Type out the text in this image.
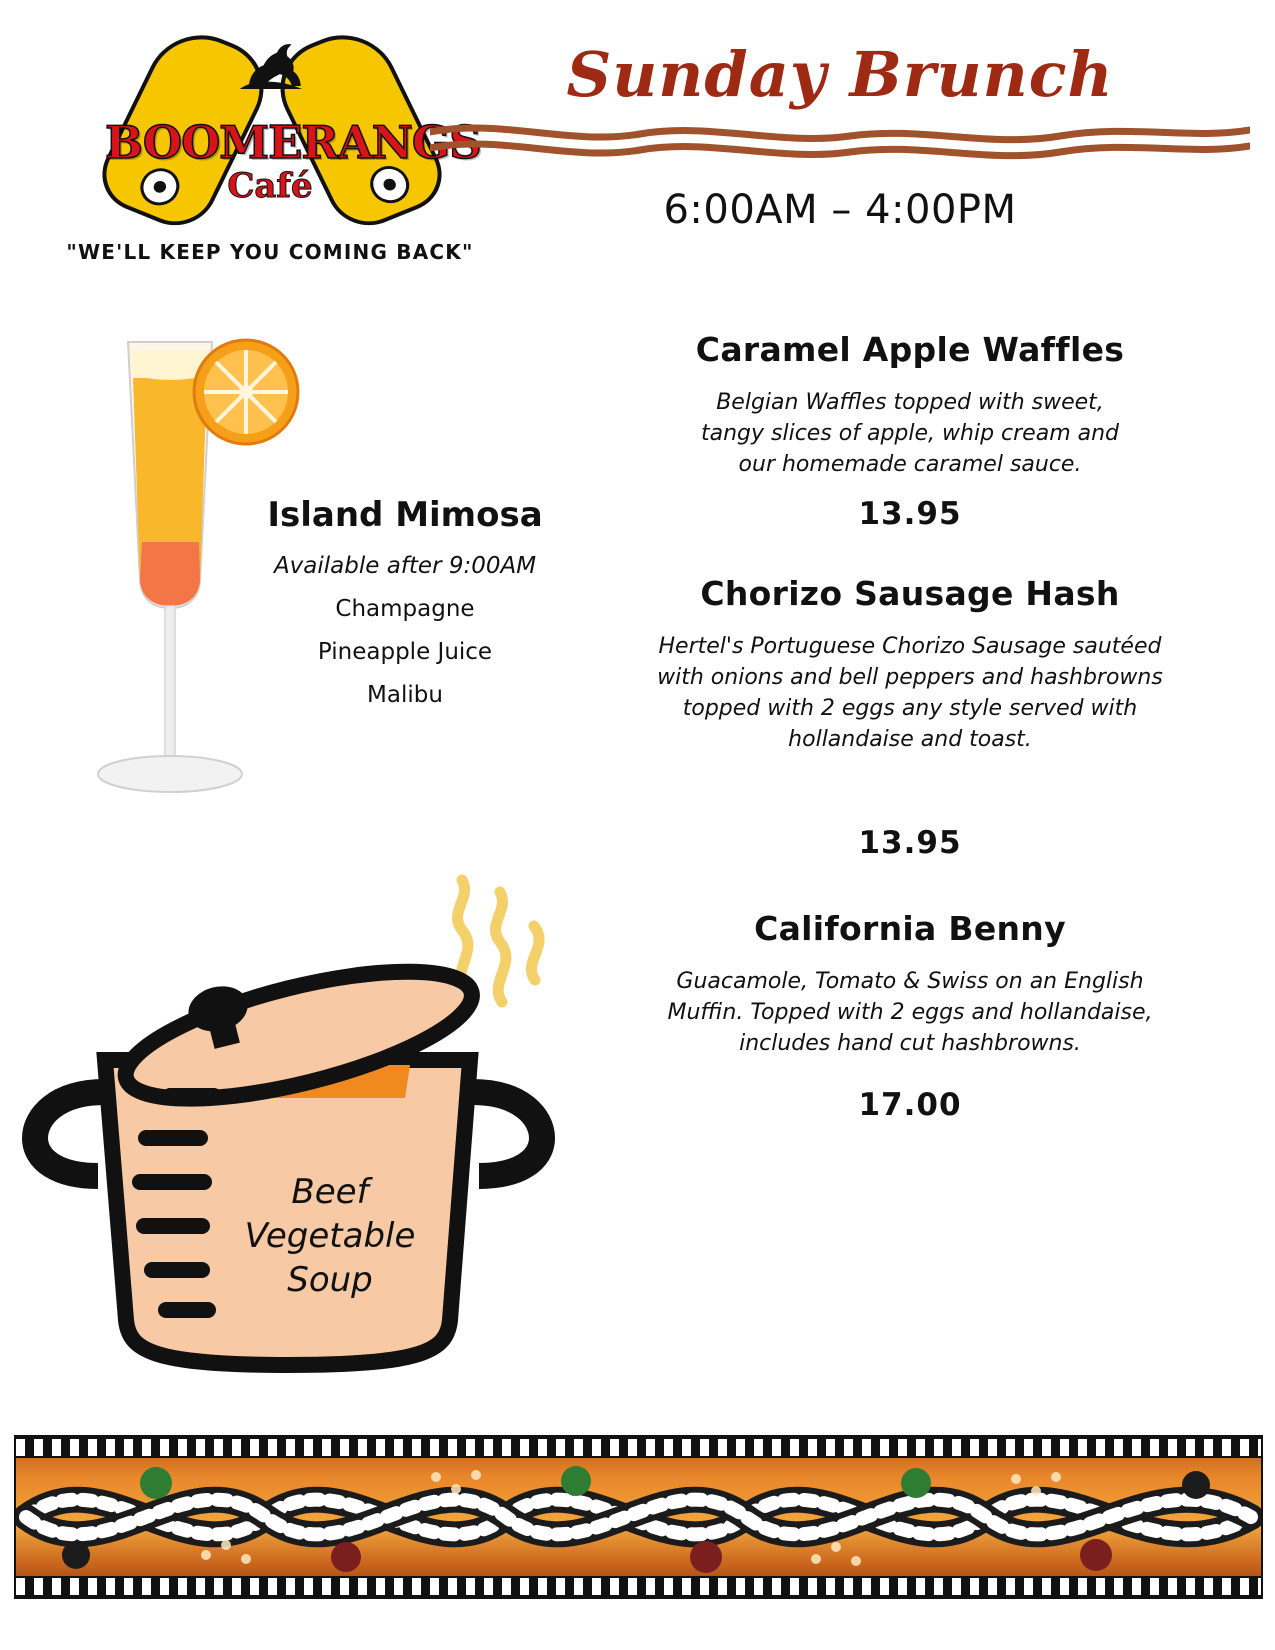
BOOMERANGS
Café
"WE'LL KEEP YOU COMING BACK"
Sunday Brunch
6:00AM – 4:00PM
Island Mimosa
Available after 9:00AM
Champagne
Pineapple Juice
Malibu
Beef
Vegetable
Soup
Caramel Apple Waffles
Belgian Waffles topped with sweet, tangy slices of apple, whip cream and our homemade caramel sauce.
13.95
Chorizo Sausage Hash
Hertel's Portuguese Chorizo Sausage sautéed with onions and bell peppers and hashbrowns topped with 2 eggs any style served with hollandaise and toast.
13.95
California Benny
Guacamole, Tomato & Swiss on an English Muffin. Topped with 2 eggs and hollandaise, includes hand cut hashbrowns.
17.00
